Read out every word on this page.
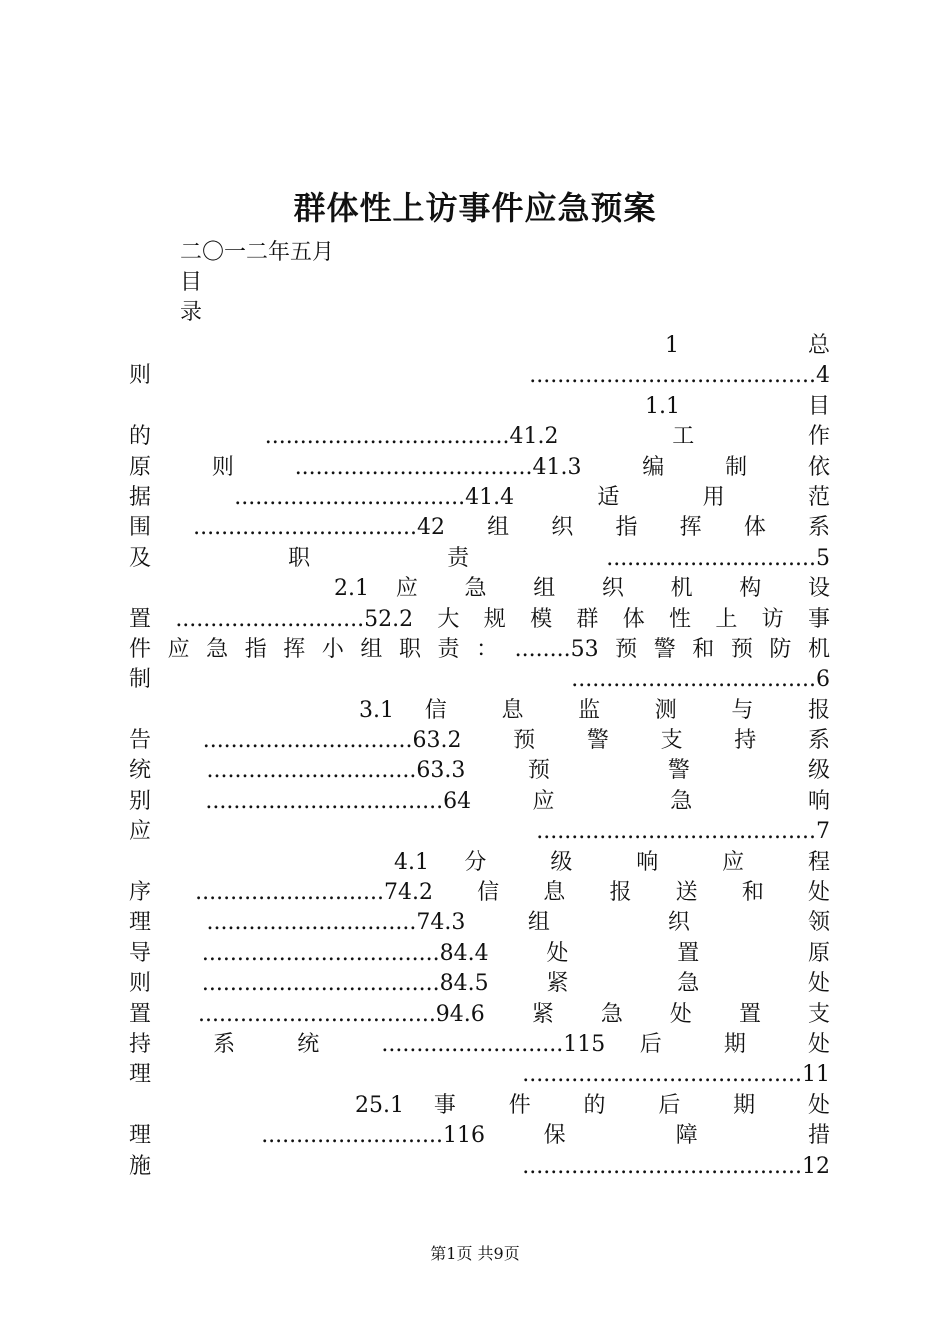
群体性上访事件应急预案
二〇一二年五月
目
录
1 总
则.........................................4
1.1 目
的...................................41.2工作
原则..................................41.3编制依
据.................................41.4适用范
围................................42组织指挥体系
及职责..............................5
2.1 应 急 组 织 机 构 设
置...........................52.2大规模群体性上访事
件应急指挥小组职责：........53预警和预防机
制...................................6
3.1 信 息 监 测 与 报
告..............................63.2预警支持系
统..............................63.3 预 警 级
别..................................64 应 急 响
应........................................7
4.1 分 级 响 应 程
序...........................74.2信息报送和处
理..............................74.3 组 织 领
导..................................84.4 处 置 原
则..................................84.5 紧 急 处
置..................................94.6紧急处置支
持 系 统 ..........................115 后 期 处
理........................................11
25.1 事 件 的 后 期 处
理 ..........................116 保 障 措
施........................................12
第1页 共9页
